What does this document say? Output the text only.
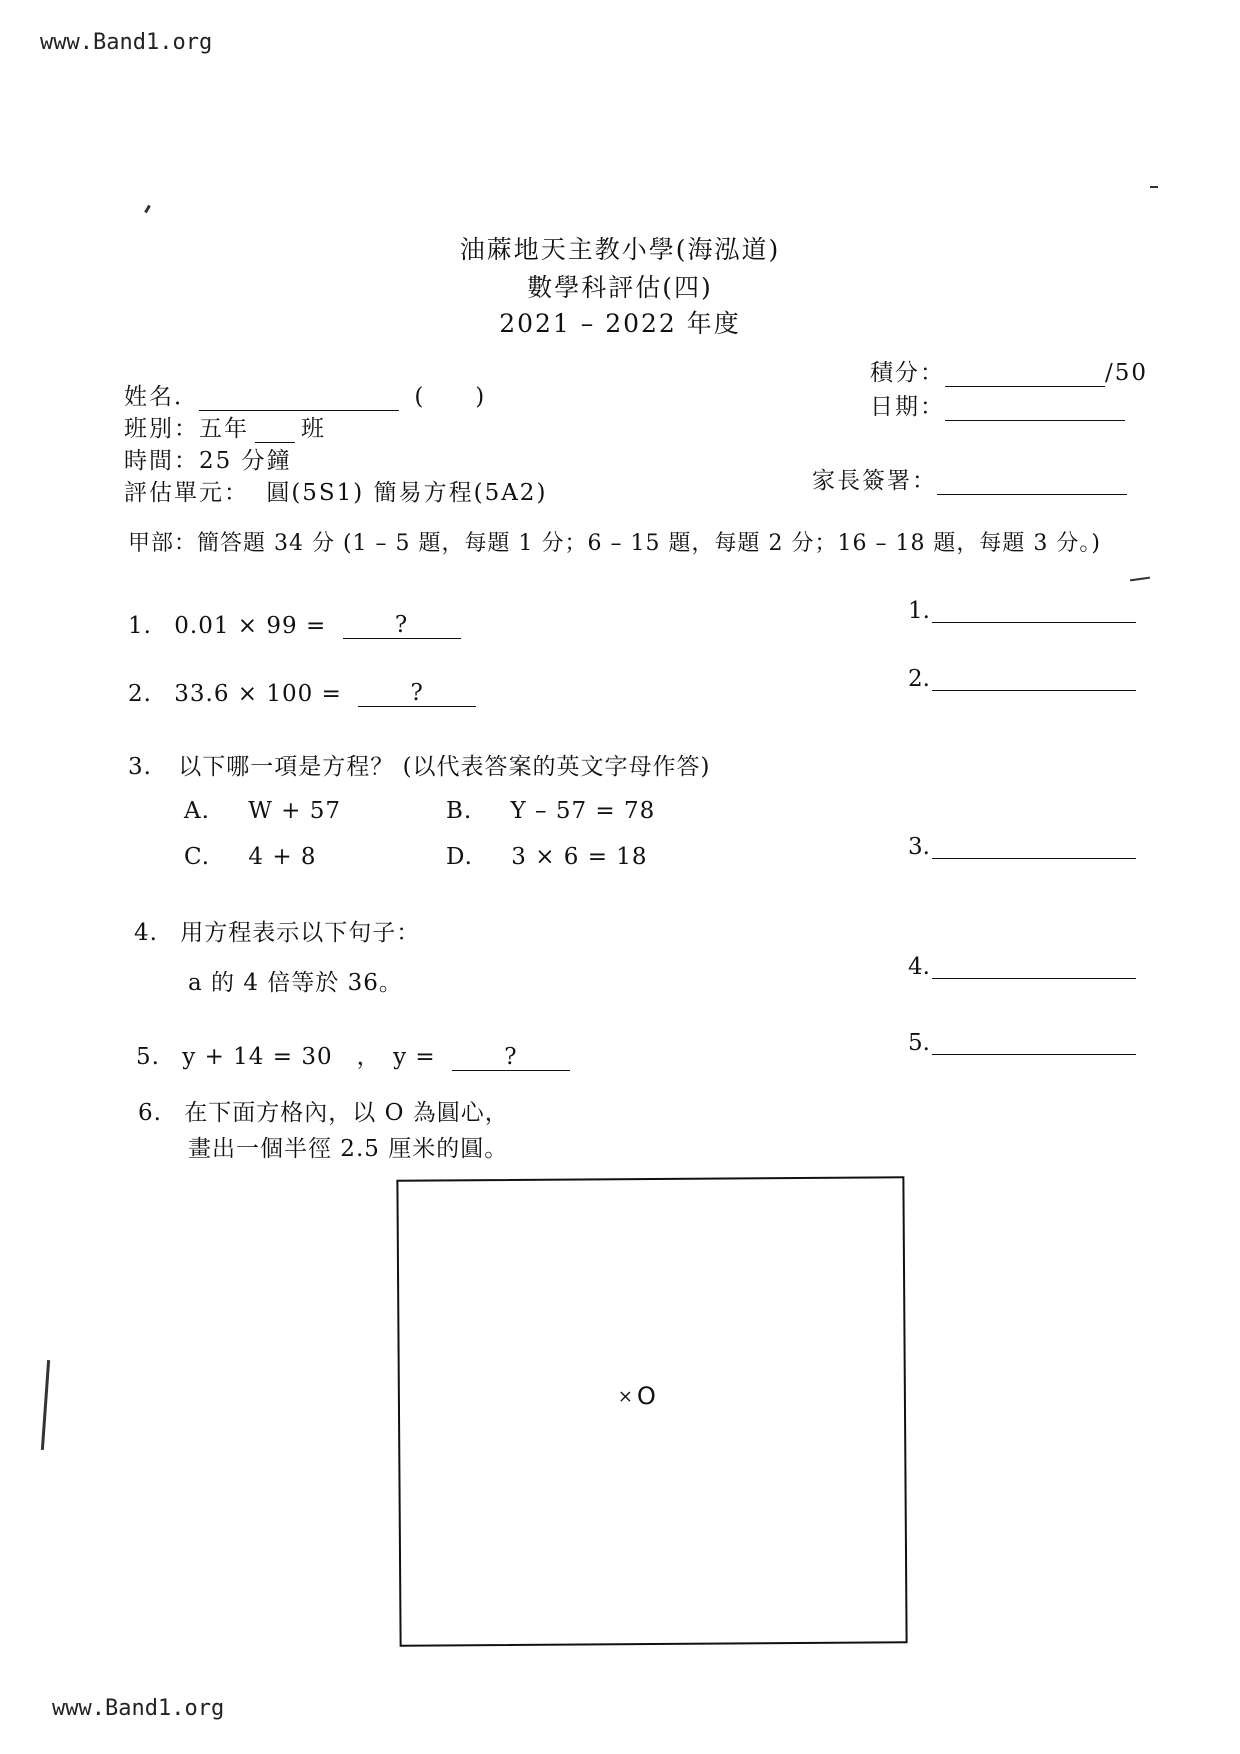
www.Band1.org
www.Band1.org
油蔴地天主教小學(海泓道)
數學科評估(四)
2021 – 2022 年度
姓名．	(　　)
班別：五年 班
時間：25 分鐘
評估單元： 圓(5S1) 簡易方程(5A2)
積分：	/50
日期：
家長簽署：
甲部：簡答題 34 分 (1 – 5 題，每題 1 分；6 – 15 題，每題 2 分；16 – 18 題，每題 3 分。)
1. 0.01 × 99 =	?
2. 33.6 × 100 =	?
3. 以下哪一項是方程？ (以代表答案的英文字母作答)
A. W + 57	B. Y – 57 = 78
C. 4 + 8	D. 3 × 6 = 18
4. 用方程表示以下句子：
a 的 4 倍等於 36。
5. y + 14 = 30　，　y =	?
6. 在下面方格內，以 O 為圓心，
畫出一個半徑 2.5 厘米的圓。
× O
1.
2.
3.
4.
5.
